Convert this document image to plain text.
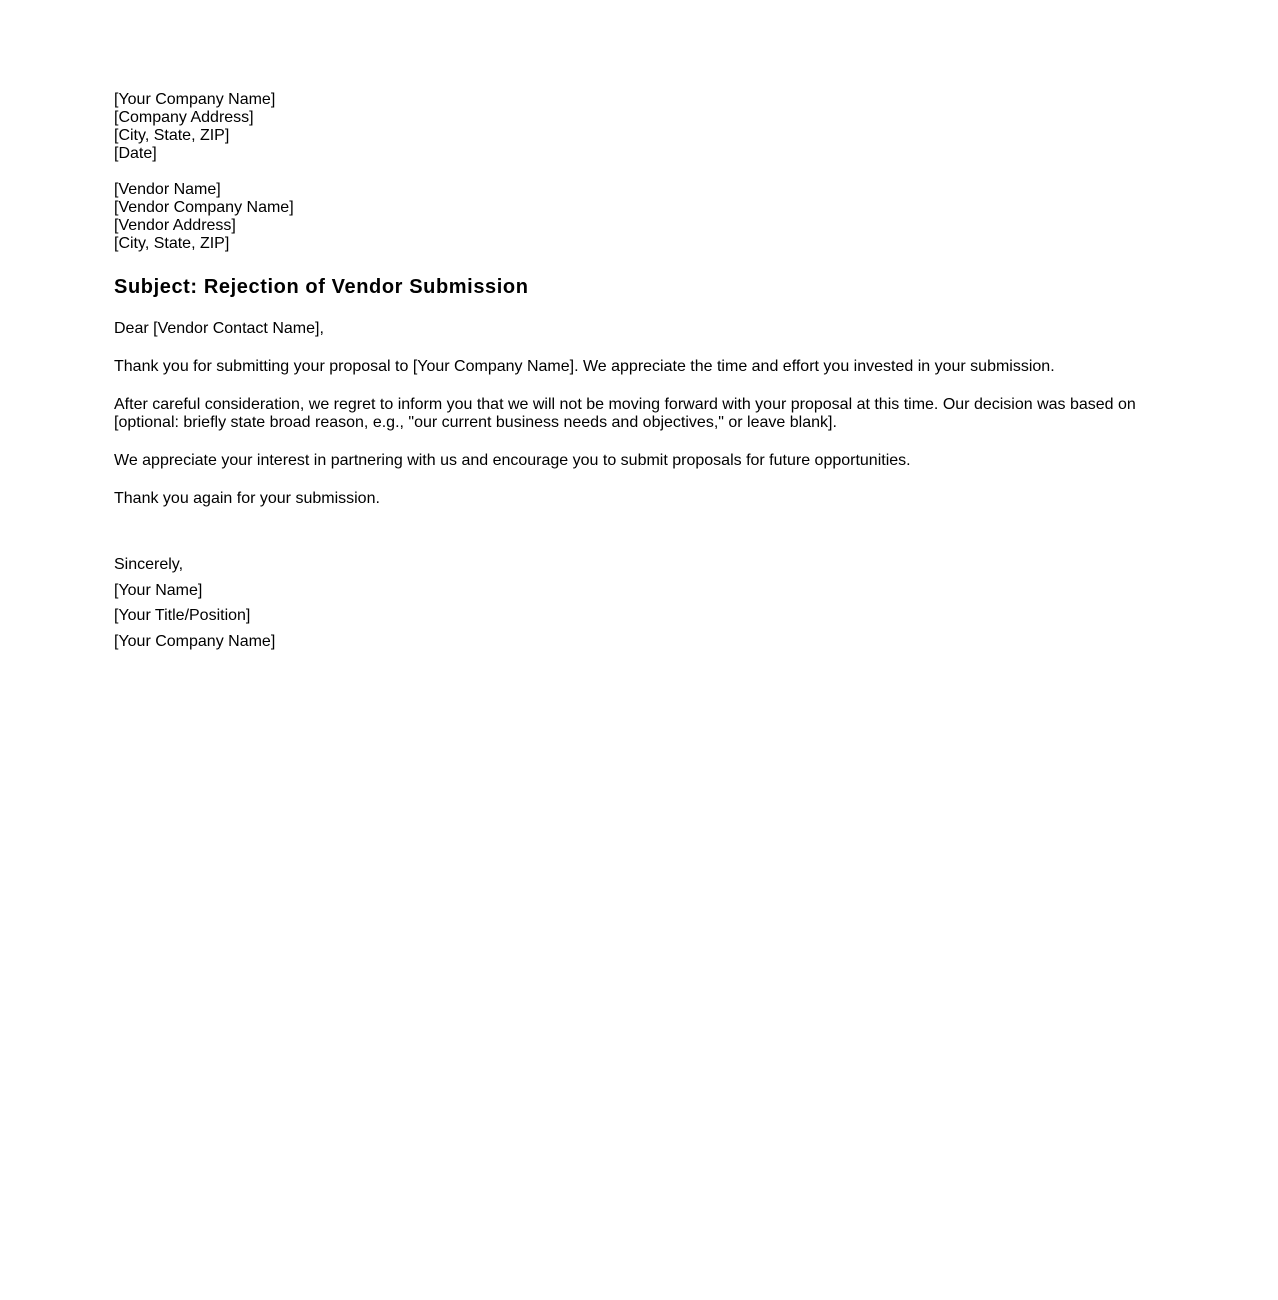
[Your Company Name]
[Company Address]
[City, State, ZIP]
[Date]
[Vendor Name]
[Vendor Company Name]
[Vendor Address]
[City, State, ZIP]
Subject: Rejection of Vendor Submission

Dear [Vendor Contact Name],

Thank you for submitting your proposal to [Your Company Name]. We appreciate the time and effort you invested in your submission.

After careful consideration, we regret to inform you that we will not be moving forward with your proposal at this time. Our decision was based on [optional: briefly state broad reason, e.g., "our current business needs and objectives," or leave blank].

We appreciate your interest in partnering with us and encourage you to submit proposals for future opportunities.

Thank you again for your submission.

Sincerely,
[Your Name]
[Your Title/Position]
[Your Company Name]
